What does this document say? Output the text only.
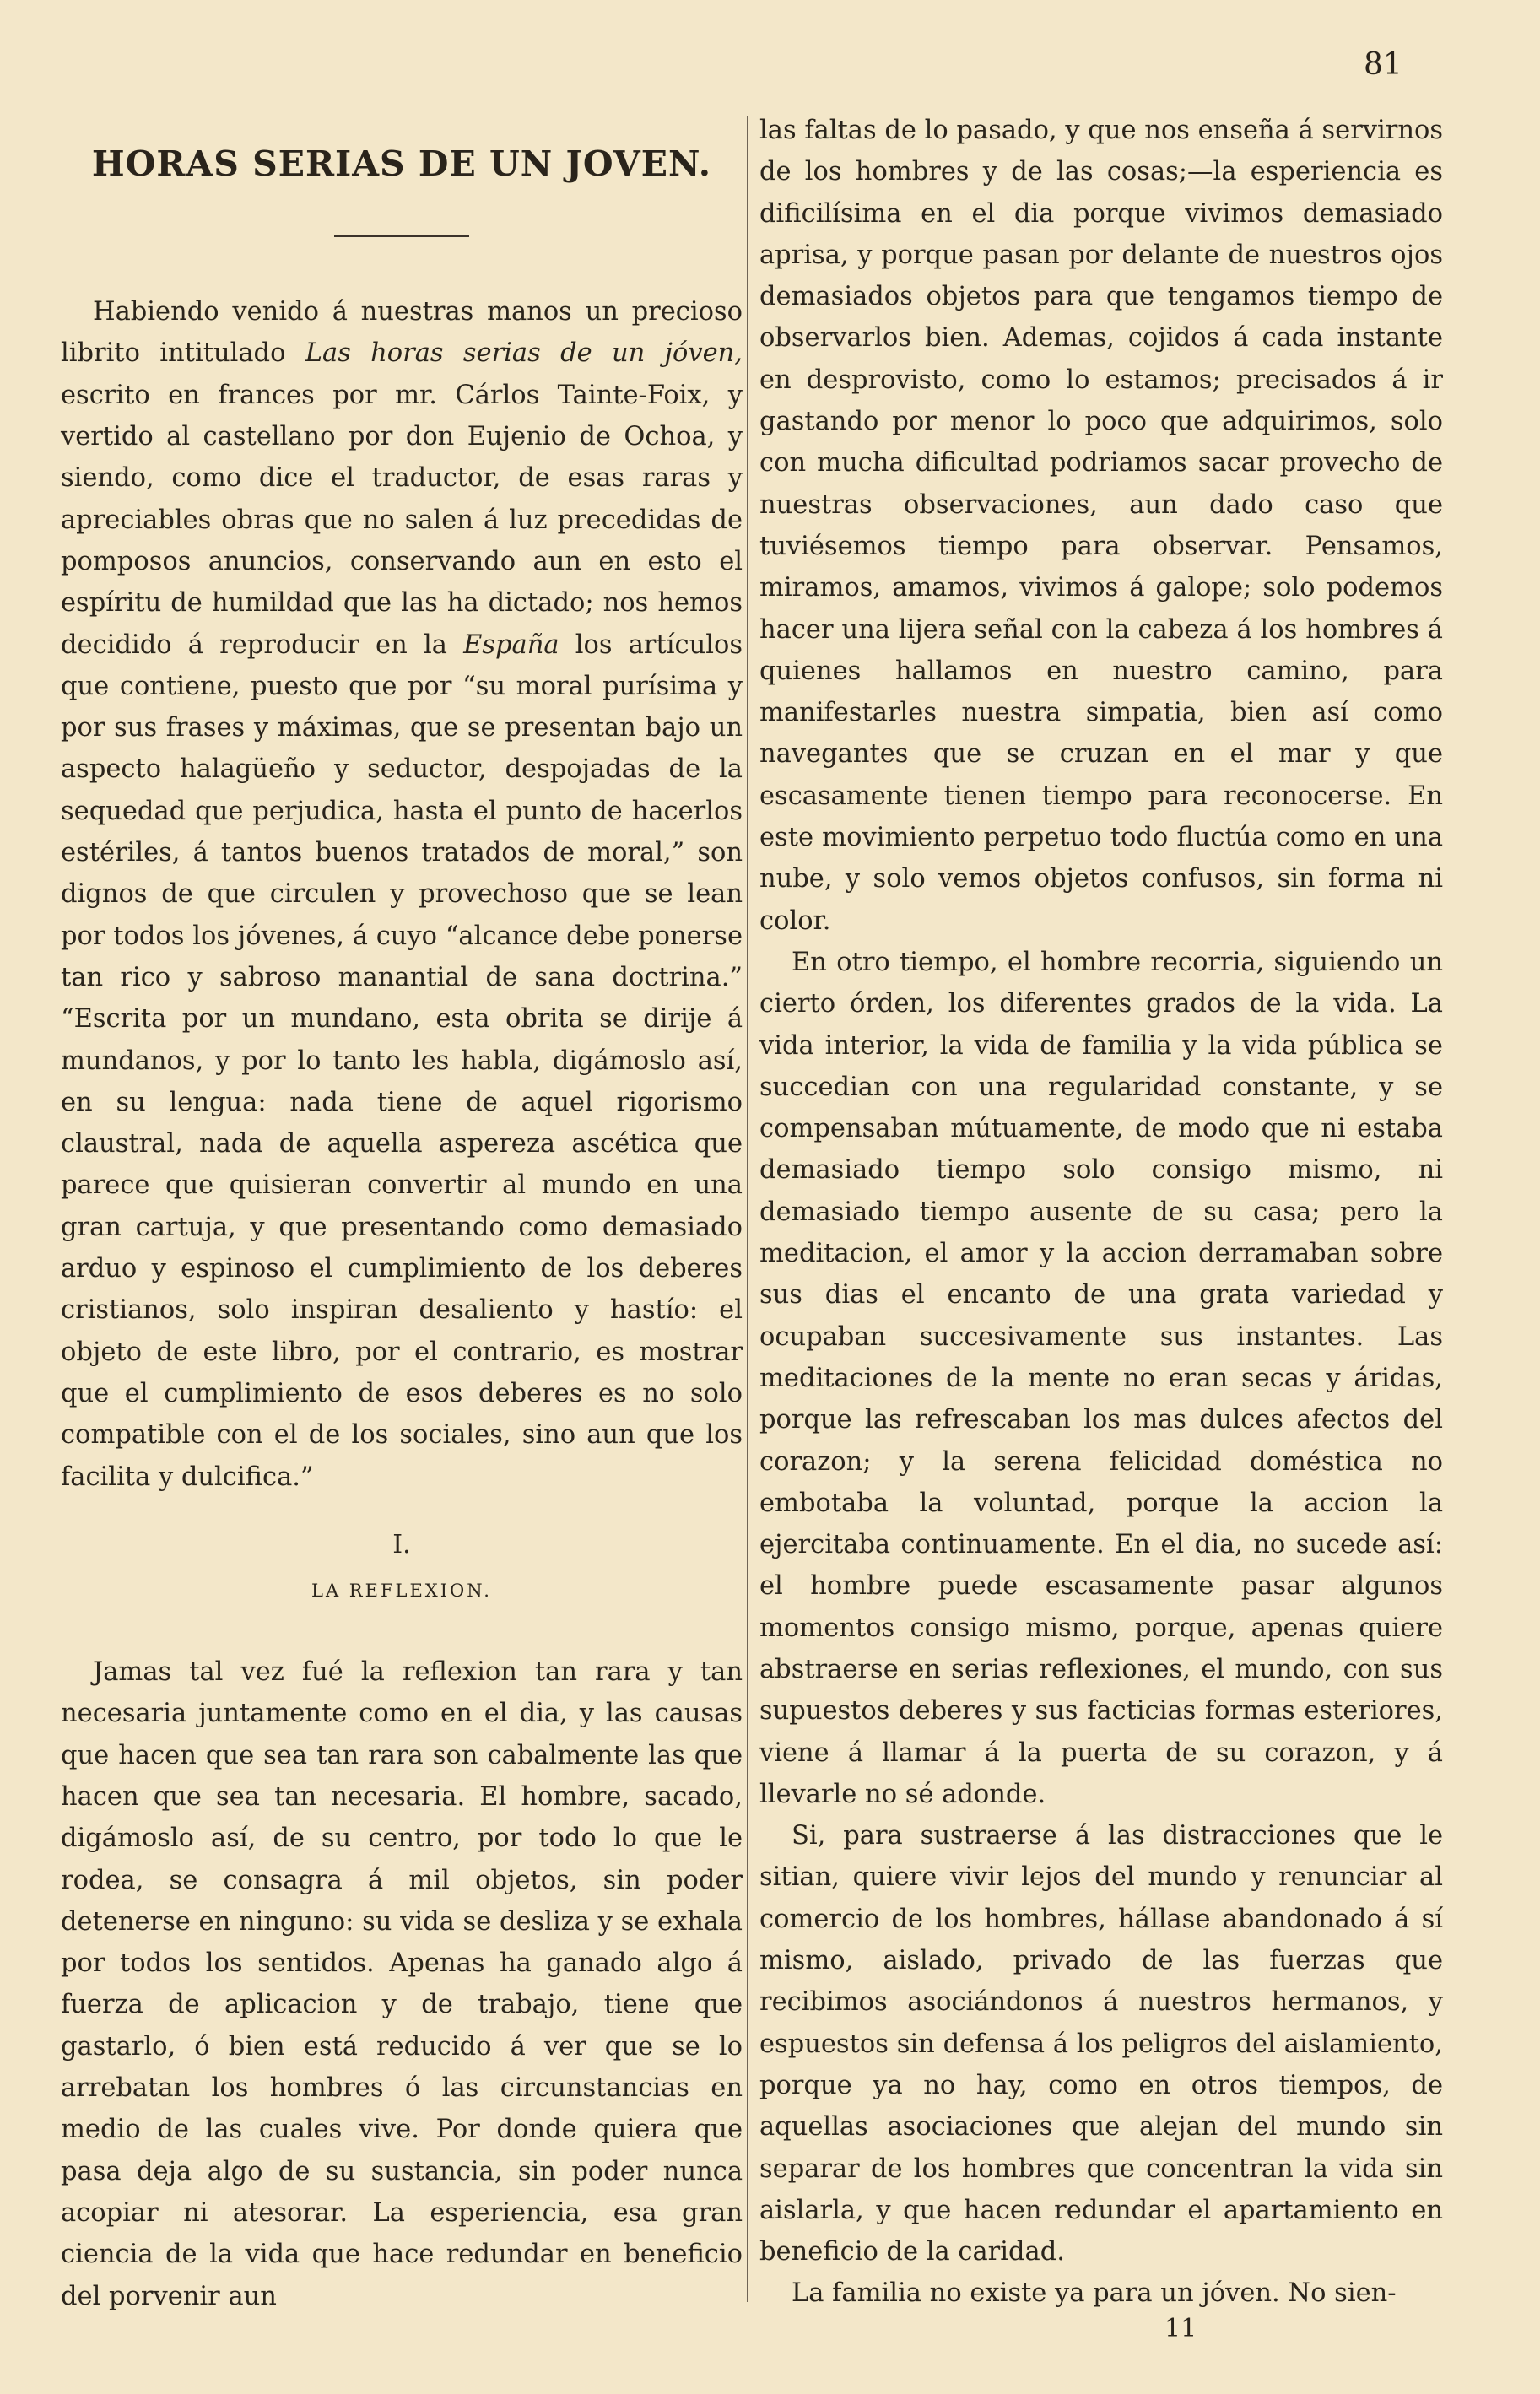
81
HORAS SERIAS DE UN JOVEN.

Habiendo venido á nuestras manos un precioso librito intitulado Las horas serias de un jóven, escrito en frances por mr. Cárlos Tainte-Foix, y vertido al castellano por don Eujenio de Ochoa, y siendo, como dice el traductor, de esas raras y apreciables obras que no salen á luz precedidas de pomposos anuncios, conservando aun en esto el espíritu de humildad que las ha dictado; nos hemos decidido á reproducir en la España los artículos que contiene, puesto que por “su moral purísima y por sus frases y máximas, que se presentan bajo un aspecto halagüeño y seductor, despojadas de la sequedad que perjudica, hasta el punto de hacerlos estériles, á tantos buenos tratados de moral,” son dignos de que circulen y provechoso que se lean por todos los jóvenes, á cuyo “alcance debe ponerse tan rico y sabroso manantial de sana doctrina.” “Escrita por un mundano, esta obrita se dirije á mundanos, y por lo tanto les habla, digámoslo así, en su lengua: nada tiene de aquel rigorismo claustral, nada de aquella aspereza ascética que parece que quisieran convertir al mundo en una gran cartuja, y que presentando como demasiado arduo y espinoso el cumplimiento de los deberes cristianos, solo inspiran desaliento y hastío: el objeto de este libro, por el contrario, es mostrar que el cumplimiento de esos deberes es no solo compatible con el de los sociales, sino aun que los facilita y dulcifica.”

I.
LA REFLEXION.

Jamas tal vez fué la reflexion tan rara y tan necesaria juntamente como en el dia, y las causas que hacen que sea tan rara son cabalmente las que hacen que sea tan necesaria. El hombre, sacado, digámoslo así, de su centro, por todo lo que le rodea, se consagra á mil objetos, sin poder detenerse en ninguno: su vida se desliza y se exhala por todos los sentidos. Apenas ha ganado algo á fuerza de aplicacion y de trabajo, tiene que gastarlo, ó bien está reducido á ver que se lo arrebatan los hombres ó las circunstancias en medio de las cuales vive. Por donde quiera que pasa deja algo de su sustancia, sin poder nunca acopiar ni atesorar. La esperiencia, esa gran ciencia de la vida que hace redundar en beneficio del porvenir aun

las faltas de lo pasado, y que nos enseña á servirnos de los hombres y de las cosas;—la esperiencia es dificilísima en el dia porque vivimos demasiado aprisa, y porque pasan por delante de nuestros ojos demasiados objetos para que tengamos tiempo de observarlos bien. Ademas, cojidos á cada instante en desprovisto, como lo estamos; precisados á ir gastando por menor lo poco que adquirimos, solo con mucha dificultad podriamos sacar provecho de nuestras observaciones, aun dado caso que tuviésemos tiempo para observar. Pensamos, miramos, amamos, vivimos á galope; solo podemos hacer una lijera señal con la cabeza á los hombres á quienes hallamos en nuestro camino, para manifestarles nuestra simpatia, bien así como navegantes que se cruzan en el mar y que escasamente tienen tiempo para reconocerse. En este movimiento perpetuo todo fluctúa como en una nube, y solo vemos objetos confusos, sin forma ni color.

En otro tiempo, el hombre recorria, siguiendo un cierto órden, los diferentes grados de la vida. La vida interior, la vida de familia y la vida pública se succedian con una regularidad constante, y se compensaban mútuamente, de modo que ni estaba demasiado tiempo solo consigo mismo, ni demasiado tiempo ausente de su casa; pero la meditacion, el amor y la accion derramaban sobre sus dias el encanto de una grata variedad y ocupaban succesivamente sus instantes. Las meditaciones de la mente no eran secas y áridas, porque las refrescaban los mas dulces afectos del corazon; y la serena felicidad doméstica no embotaba la voluntad, porque la accion la ejercitaba continuamente. En el dia, no sucede así: el hombre puede escasamente pasar algunos momentos consigo mismo, porque, apenas quiere abstraerse en serias reflexiones, el mundo, con sus supuestos deberes y sus facticias formas esteriores, viene á llamar á la puerta de su corazon, y á llevarle no sé adonde.

Si, para sustraerse á las distracciones que le sitian, quiere vivir lejos del mundo y renunciar al comercio de los hombres, hállase abandonado á sí mismo, aislado, privado de las fuerzas que recibimos asociándonos á nuestros hermanos, y espuestos sin defensa á los peligros del aislamiento, porque ya no hay, como en otros tiempos, de aquellas asociaciones que alejan del mundo sin separar de los hombres que concentran la vida sin aislarla, y que hacen redundar el apartamiento en beneficio de la caridad.

La familia no existe ya para un jóven. No sien-

11
